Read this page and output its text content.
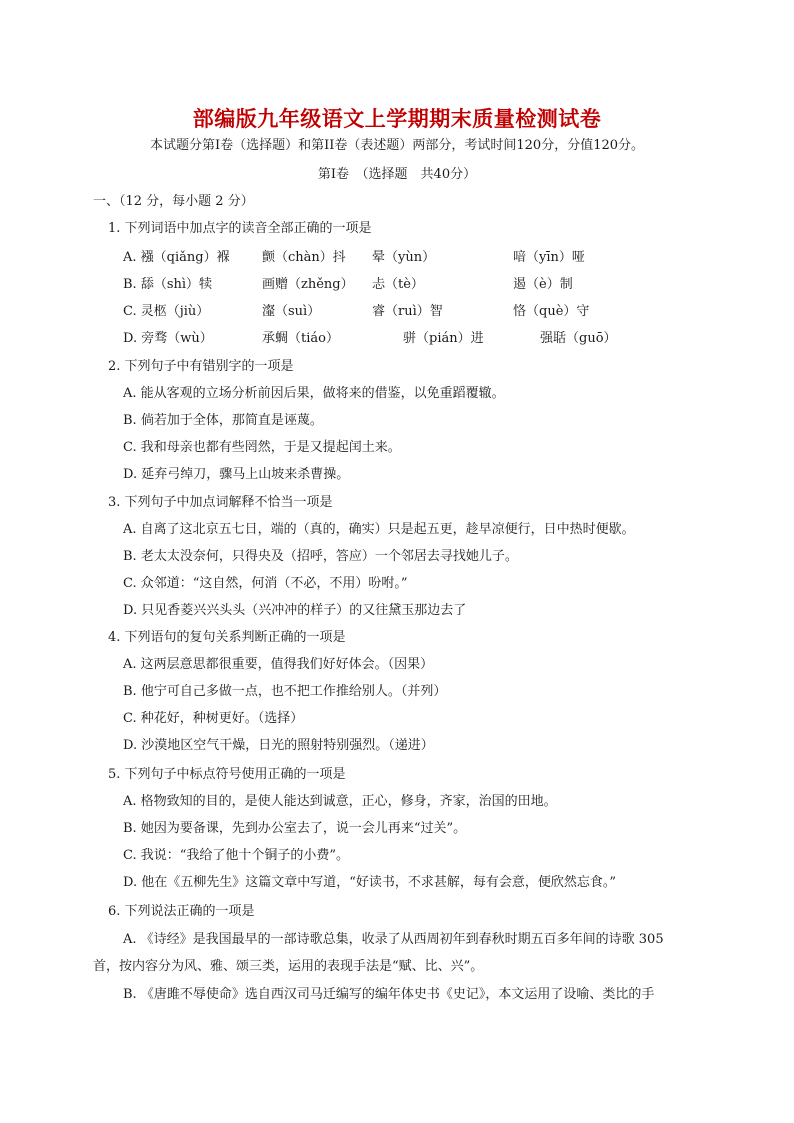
部编版九年级语文上学期期末质量检测试卷
本试题分第Ⅰ卷（选择题）和第II卷（表述题）两部分，考试时间120分，分值120分。
第Ⅰ卷　（选择题　共40分）
一、（12 分，每小题 2 分）
1. 下列词语中加点字的读音全部正确的一项是
A. 襁（qiǎng）褓 颤（chàn）抖 晕（yùn）	喑（yīn）哑
B. 舔（shì）犊	画赠（zhěng） 忐（tè）	遏（è）制
C. 灵柩（jiù）	瀣（suì）	睿（ruì）智	恪（què）守
D. 旁骛（wù）	承蜩（tiáo）	骈（pián）进	强聒（guō）
2. 下列句子中有错别字的一项是
A. 能从客观的立场分析前因后果，做将来的借鉴，以免重蹈覆辙。
B. 倘若加于全体，那简直是诬蔑。
C. 我和母亲也都有些罔然，于是又提起闰土来。
D. 延弃弓绰刀，骤马上山坡来杀曹操。
3. 下列句子中加点词解释不恰当一项是
A. 自离了这北京五七日，端的（真的，确实）只是起五更，趁早凉便行，日中热时便歇。
B. 老太太没奈何，只得央及（招呼，答应）一个邻居去寻找她儿子。
C. 众邻道：“这自然，何消（不必，不用）吩咐。”
D. 只见香菱兴兴头头（兴冲冲的样子）的又往黛玉那边去了
4. 下列语句的复句关系判断正确的一项是
A. 这两层意思都很重要，值得我们好好体会。（因果）
B. 他宁可自己多做一点，也不把工作推给别人。（并列）
C. 种花好，种树更好。（选择）
D. 沙漠地区空气干燥，日光的照射特别强烈。（递进）
5. 下列句子中标点符号使用正确的一项是
A. 格物致知的目的，是使人能达到诚意，正心，修身，齐家，治国的田地。
B. 她因为要备课，先到办公室去了，说一会儿再来“过关”。
C. 我说：“我给了他十个铜子的小费”。
D. 他在《五柳先生》这篇文章中写道，“好读书，不求甚解，每有会意，便欣然忘食。”
6. 下列说法正确的一项是
A. 《诗经》是我国最早的一部诗歌总集，收录了从西周初年到春秋时期五百多年间的诗歌 305
首，按内容分为风、雅、颂三类，运用的表现手法是“赋、比、兴”。
B. 《唐雎不辱使命》选自西汉司马迁编写的编年体史书《史记》，本文运用了设喻、类比的手
